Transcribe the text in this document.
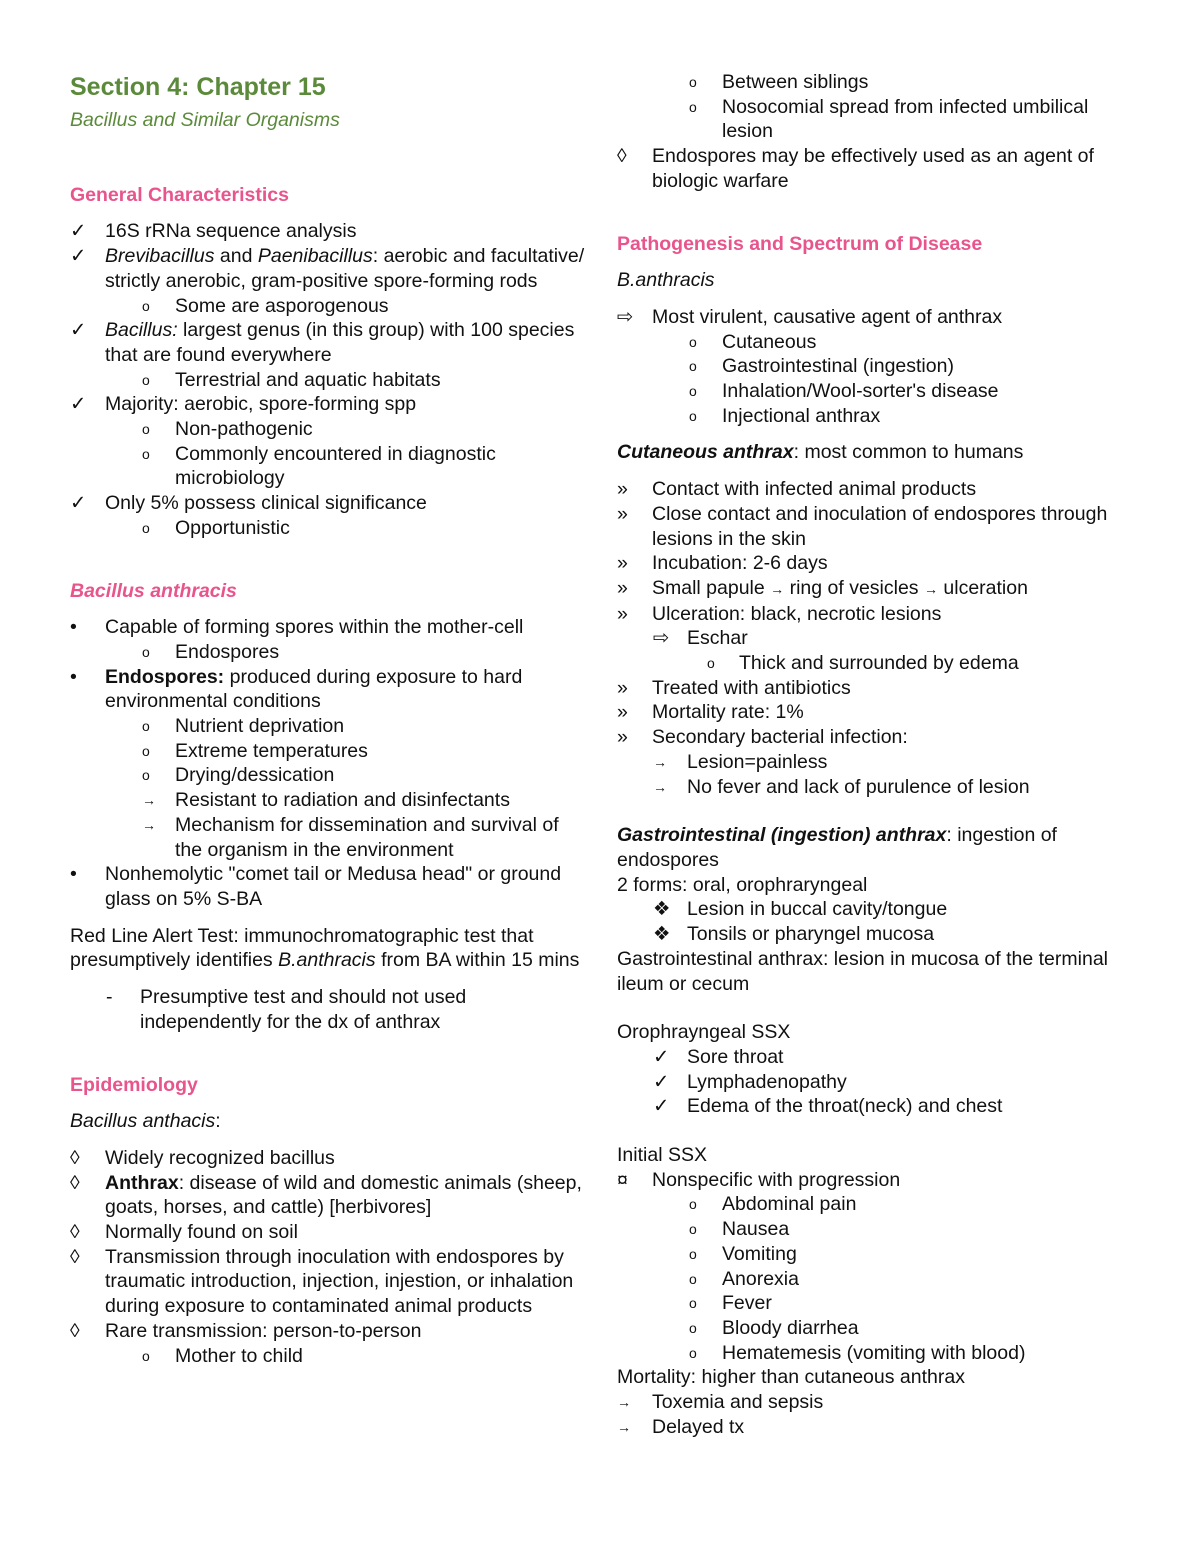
Section 4: Chapter 15

Bacillus and Similar Organisms

General Characteristics
✓ 16S rRNa sequence analysis
✓ Brevibacillus and Paenibacillus: aerobic and facultative/ strictly anerobic, gram-positive spore-forming rods
o	Some are asporogenous
✓ Bacillus: largest genus (in this group) with 100 species that are found everywhere
o	Terrestrial and aquatic habitats
✓ Majority: aerobic, spore-forming spp
o	Non-pathogenic
o	Commonly encountered in diagnostic microbiology
✓ Only 5% possess clinical significance
o	Opportunistic
Bacillus anthracis
•	Capable of forming spores within the mother-cell
o	Endospores
•	Endospores: produced during exposure to hard environmental conditions
o	Nutrient deprivation
o	Extreme temperatures
o	Drying/dessication
→ Resistant to radiation and disinfectants
→ Mechanism for dissemination and survival of the organism in the environment
•	Nonhemolytic "comet tail or Medusa head" or ground glass on 5% S-BA

Red Line Alert Test: immunochromatographic test that presumptively identifies B.anthracis from BA within 15 mins

-	Presumptive test and should not used independently for the dx of anthrax
Epidemiology

Bacillus anthacis:

◊	Widely recognized bacillus
◊	Anthrax: disease of wild and domestic animals (sheep, goats, horses, and cattle) [herbivores]
◊	Normally found on soil
◊	Transmission through inoculation with endospores by traumatic introduction, injection, injestion, or inhalation during exposure to contaminated animal products
◊	Rare transmission: person-to-person
o	Mother to child
o	Between siblings
o	Nosocomial spread from infected umbilical lesion
◊	Endospores may be effectively used as an agent of biologic warfare
Pathogenesis and Spectrum of Disease

B.anthracis

⇨ Most virulent, causative agent of anthrax
o	Cutaneous
o	Gastrointestinal (ingestion)
o	Inhalation/Wool-sorter's disease
o	Injectional anthrax

Cutaneous anthrax: most common to humans

»	Contact with infected animal products
»	Close contact and inoculation of endospores through lesions in the skin
»	Incubation: 2-6 days
»	Small papule → ring of vesicles → ulceration
»	Ulceration: black, necrotic lesions
⇨ Eschar
o	Thick and surrounded by edema
»	Treated with antibiotics
»	Mortality rate: 1%
»	Secondary bacterial infection:
→	Lesion=painless
→	No fever and lack of purulence of lesion

Gastrointestinal (ingestion) anthrax: ingestion of endospores

2 forms: oral, orophraryngeal

❖ Lesion in buccal cavity/tongue
❖ Tonsils or pharyngel mucosa

Gastrointestinal anthrax: lesion in mucosa of the terminal ileum or cecum

Orophrayngeal SSX

✓ Sore throat
✓ Lymphadenopathy
✓ Edema of the throat(neck) and chest

Initial SSX

¤	Nonspecific with progression
o	Abdominal pain
o	Nausea
o	Vomiting
o	Anorexia
o	Fever
o	Bloody diarrhea
o	Hematemesis (vomiting with blood)

Mortality: higher than cutaneous anthrax

→	Toxemia and sepsis
→	Delayed tx
